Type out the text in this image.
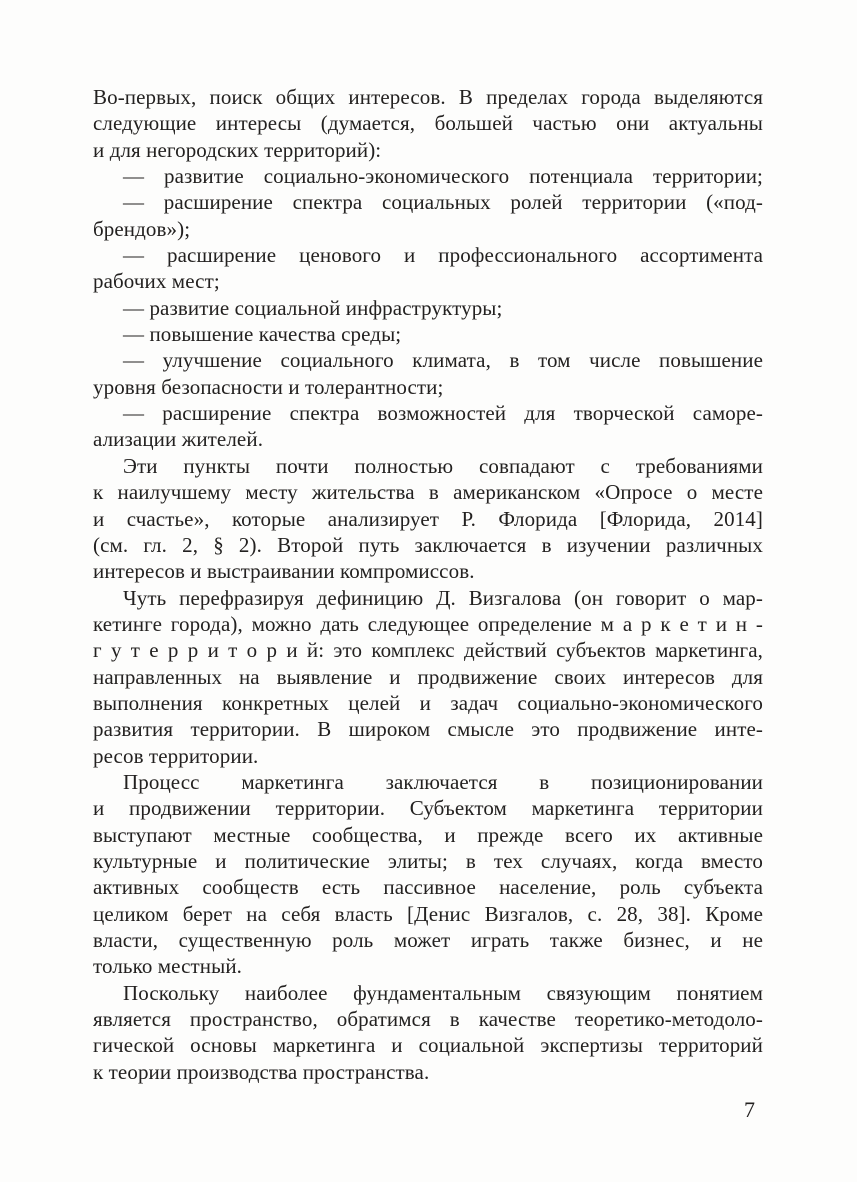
Во-первых, поиск общих интересов. В пределах города выделяются
следующие интересы (думается, большей частью они актуальны
и для негородских территорий):
— развитие социально-экономического потенциала территории;
— расширение спектра социальных ролей территории («под-
брендов»);
— расширение ценового и профессионального ассортимента
рабочих мест;
— развитие социальной инфраструктуры;
— повышение качества среды;
— улучшение социального климата, в том числе повышение
уровня безопасности и толерантности;
— расширение спектра возможностей для творческой саморе-
ализации жителей.
Эти пункты почти полностью совпадают с требованиями
к наилучшему месту жительства в американском «Опросе о месте
и счастье», которые анализирует Р. Флорида [Флорида, 2014]
(см. гл. 2, § 2). Второй путь заключается в изучении различных
интересов и выстраивании компромиссов.
Чуть перефразируя дефиницию Д. Визгалова (он говорит о мар-
кетинге города), можно дать следующее определение м а р к е т и н -
г у т е р р и т о р и й: это комплекс действий субъектов маркетинга,
направленных на выявление и продвижение своих интересов для
выполнения конкретных целей и задач социально-экономического
развития территории. В широком смысле это продвижение инте-
ресов территории.
Процесс маркетинга заключается в позиционировании
и продвижении территории. Субъектом маркетинга территории
выступают местные сообщества, и прежде всего их активные
культурные и политические элиты; в тех случаях, когда вместо
активных сообществ есть пассивное население, роль субъекта
целиком берет на себя власть [Денис Визгалов, с. 28, 38]. Кроме
власти, существенную роль может играть также бизнес, и не
только местный.
Поскольку наиболее фундаментальным связующим понятием
является пространство, обратимся в качестве теоретико-методоло-
гической основы маркетинга и социальной экспертизы территорий
к теории производства пространства.
7
